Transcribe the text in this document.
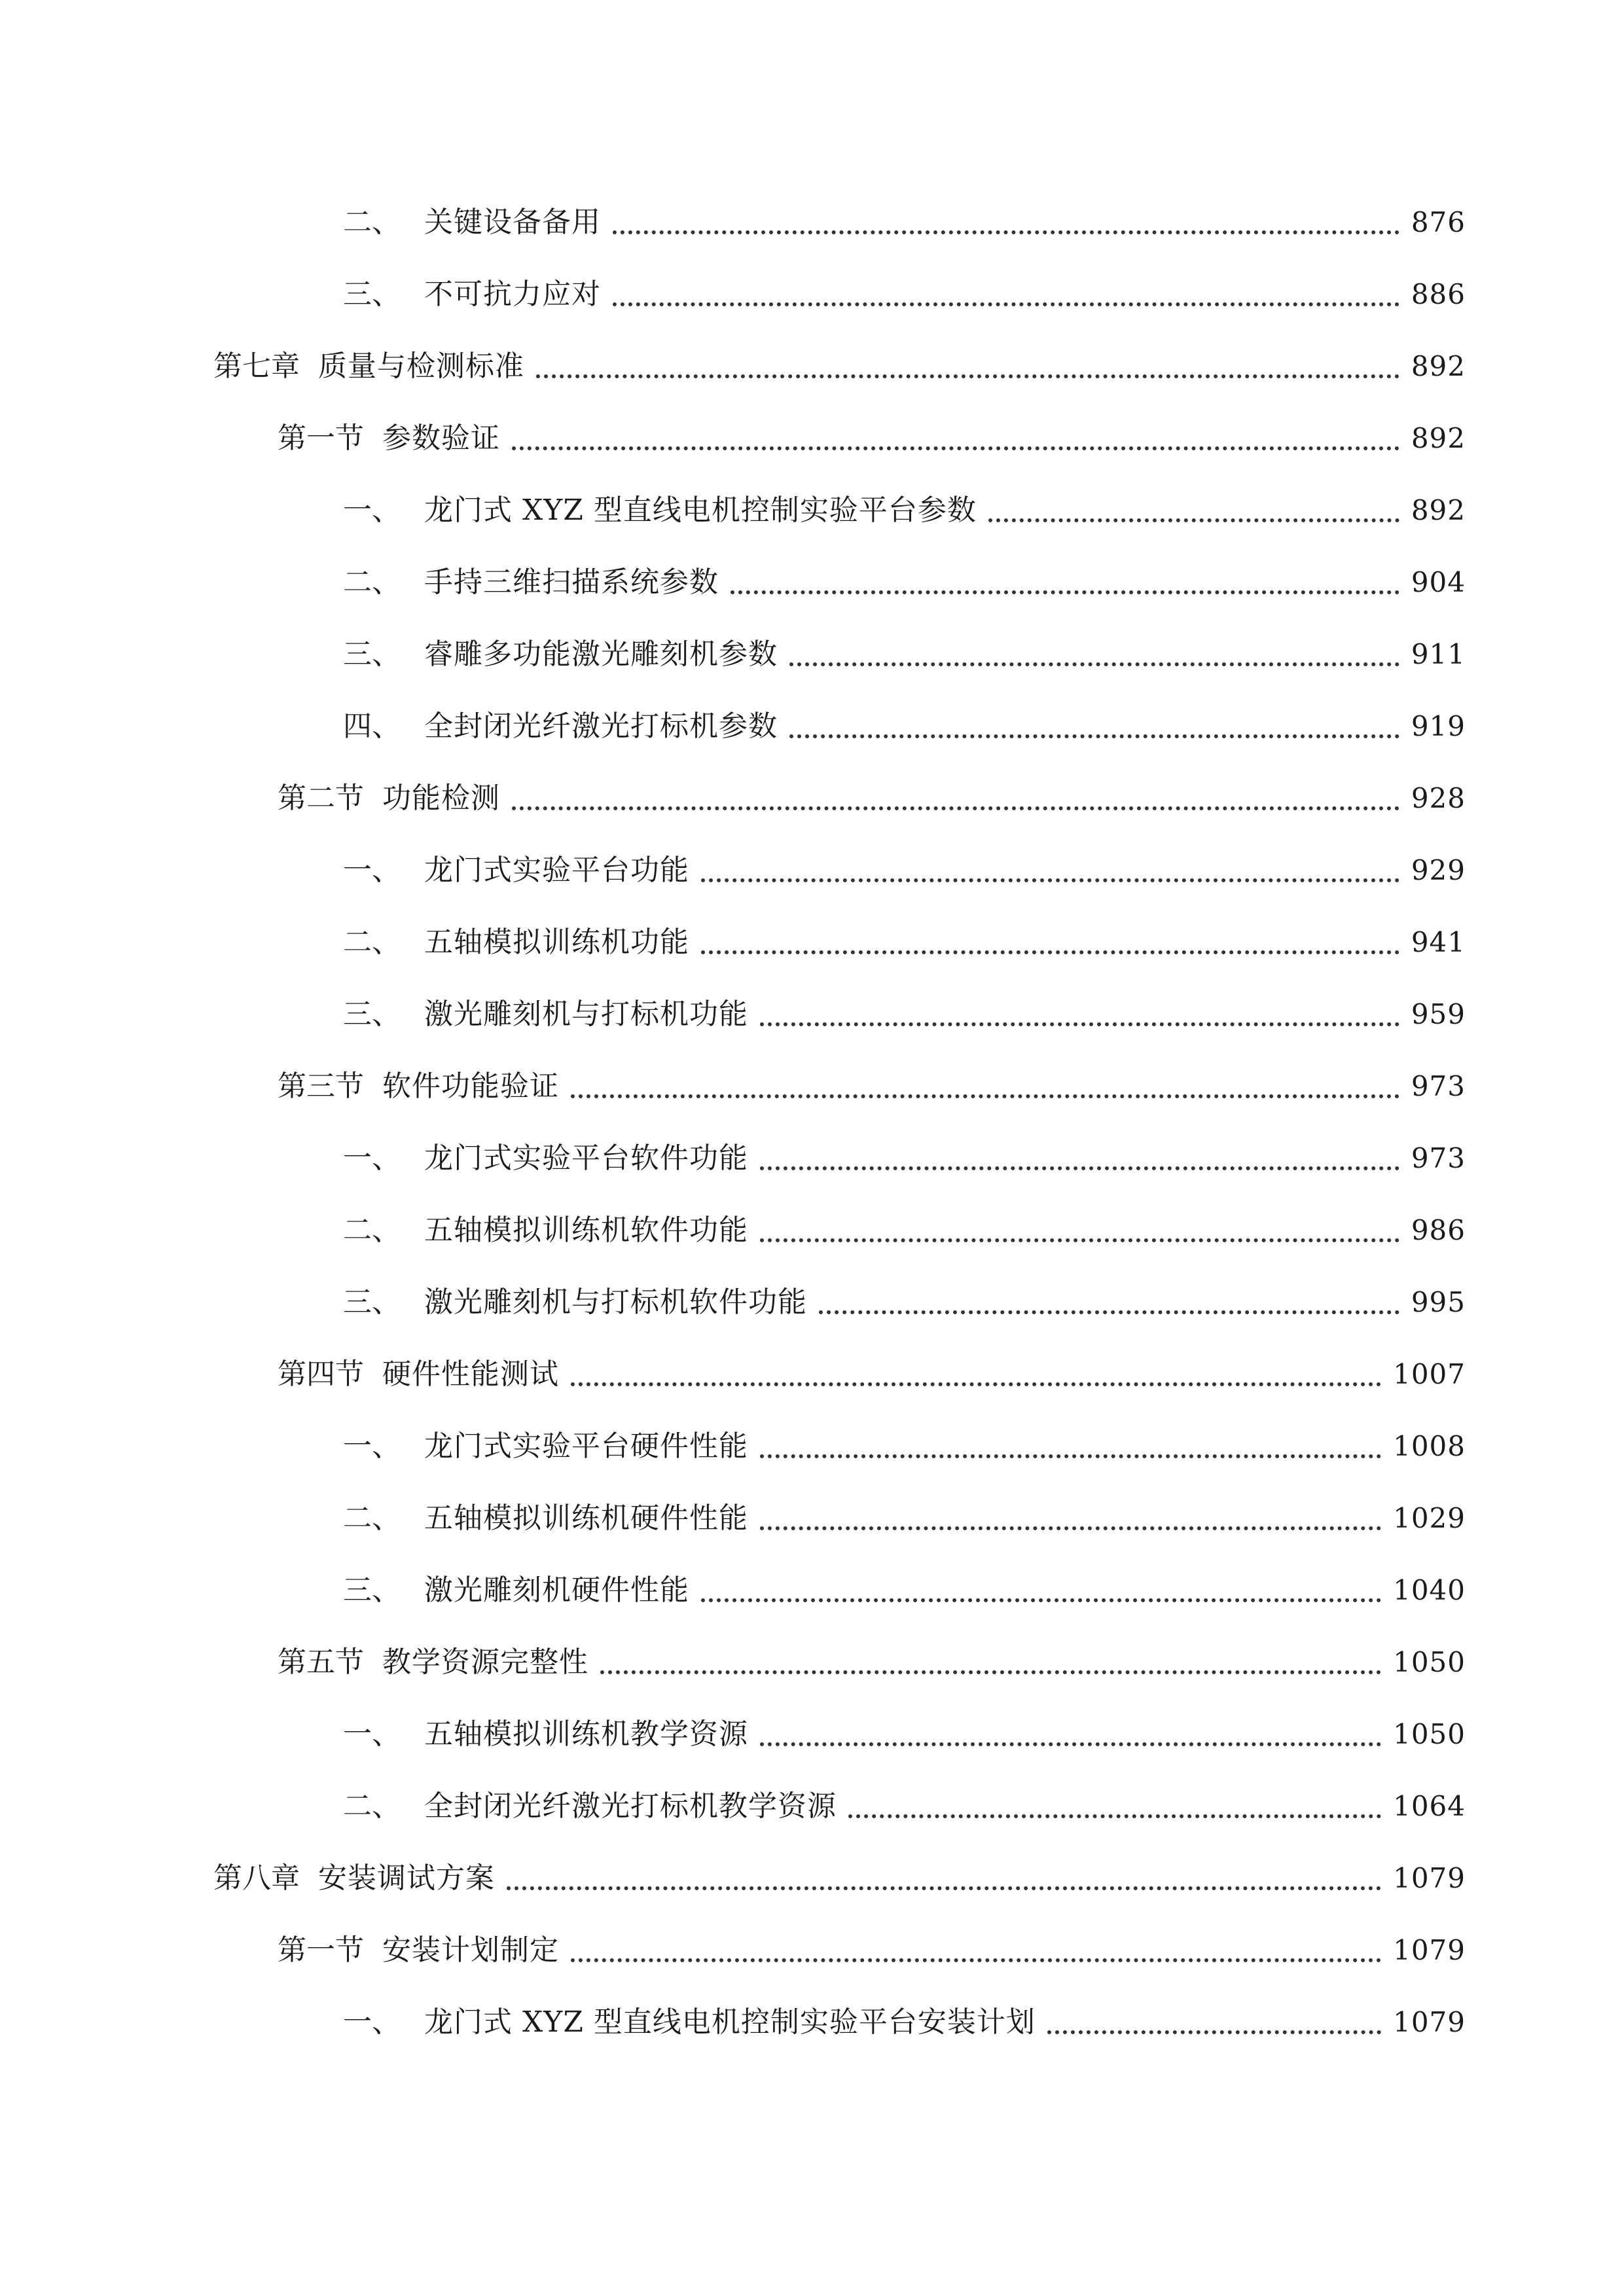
二、 关键设备备用	876
三、 不可抗力应对	886
第七章 质量与检测标准	892
第一节 参数验证	892
一、 龙门式 XYZ 型直线电机控制实验平台参数	892
二、 手持三维扫描系统参数	904
三、 睿雕多功能激光雕刻机参数	911
四、 全封闭光纤激光打标机参数	919
第二节 功能检测	928
一、 龙门式实验平台功能	929
二、 五轴模拟训练机功能	941
三、 激光雕刻机与打标机功能	959
第三节 软件功能验证	973
一、 龙门式实验平台软件功能	973
二、 五轴模拟训练机软件功能	986
三、 激光雕刻机与打标机软件功能	995
第四节 硬件性能测试	1007
一、 龙门式实验平台硬件性能	1008
二、 五轴模拟训练机硬件性能	1029
三、 激光雕刻机硬件性能	1040
第五节 教学资源完整性	1050
一、 五轴模拟训练机教学资源	1050
二、 全封闭光纤激光打标机教学资源	1064
第八章 安装调试方案	1079
第一节 安装计划制定	1079
一、 龙门式 XYZ 型直线电机控制实验平台安装计划	1079
